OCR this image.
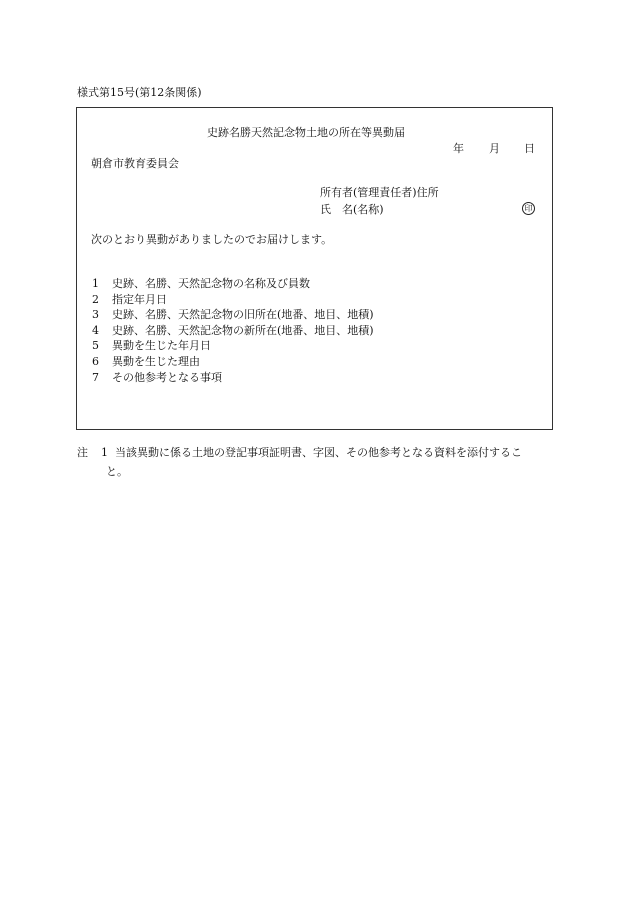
様式第15号(第12条関係)
史跡名勝天然記念物土地の所在等異動届
年 月 日
朝倉市教育委員会
所有者(管理責任者)住所
氏　名(名称)	印
次のとおり異動がありましたのでお届けします。
1 史跡、名勝、天然記念物の名称及び員数
2 指定年月日
3 史跡、名勝、天然記念物の旧所在(地番、地目、地積)
4 史跡、名勝、天然記念物の新所在(地番、地目、地積)
5 異動を生じた年月日
6 異動を生じた理由
7 その他参考となる事項
注 1 当該異動に係る土地の登記事項証明書、字図、その他参考となる資料を添付するこ
と。
